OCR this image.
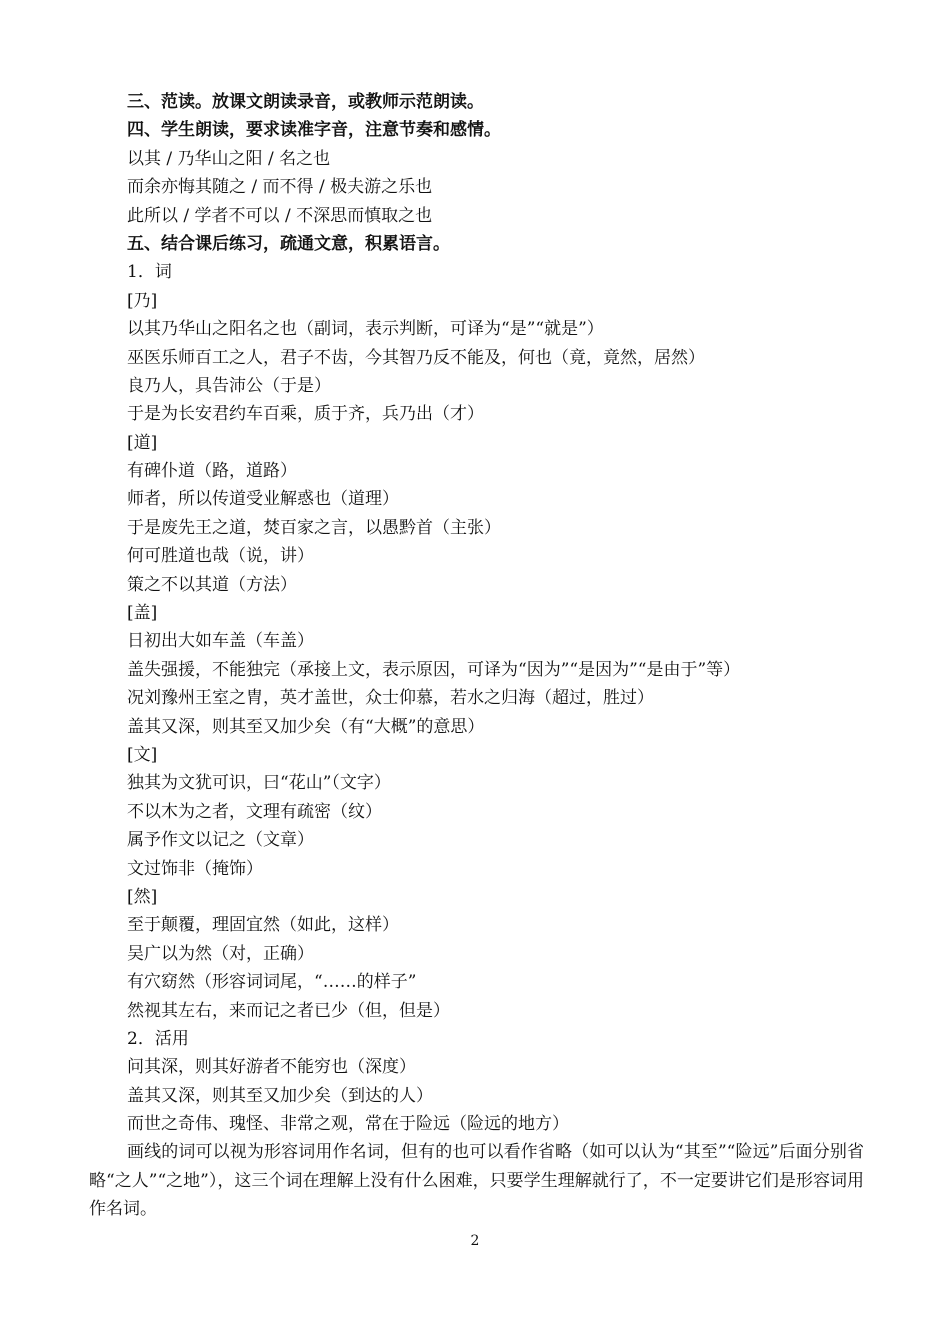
三、范读。放课文朗读录音，或教师示范朗读。
四、学生朗读，要求读准字音，注意节奏和感情。
以其 / 乃华山之阳 / 名之也
而余亦悔其随之 / 而不得 / 极夫游之乐也
此所以 / 学者不可以 / 不深思而慎取之也
五、结合课后练习，疏通文意，积累语言。
1．词
[乃]
以其乃华山之阳名之也（副词，表示判断，可译为“是”“就是”）
巫医乐师百工之人，君子不齿，今其智乃反不能及，何也（竟，竟然，居然）
良乃人，具告沛公（于是）
于是为长安君约车百乘，质于齐，兵乃出（才）
[道]
有碑仆道（路，道路）
师者，所以传道受业解惑也（道理）
于是废先王之道，焚百家之言，以愚黔首（主张）
何可胜道也哉（说，讲）
策之不以其道（方法）
[盖]
日初出大如车盖（车盖）
盖失强援，不能独完（承接上文，表示原因，可译为“因为”“是因为”“是由于”等）
况刘豫州王室之胄，英才盖世，众士仰慕，若水之归海（超过，胜过）
盖其又深，则其至又加少矣（有“大概”的意思）
[文]
独其为文犹可识，曰“花山”（文字）
不以木为之者，文理有疏密（纹）
属予作文以记之（文章）
文过饰非（掩饰）
[然]
至于颠覆，理固宜然（如此，这样）
吴广以为然（对，正确）
有穴窈然（形容词词尾，“……的样子”
然视其左右，来而记之者已少（但，但是）
2．活用
问其深，则其好游者不能穷也（深度）
盖其又深，则其至又加少矣（到达的人）
而世之奇伟、瑰怪、非常之观，常在于险远（险远的地方）
画线的词可以视为形容词用作名词，但有的也可以看作省略（如可以认为“其至”“险远”后面分别省略“之人”“之地”），这三个词在理解上没有什么困难，只要学生理解就行了，不一定要讲它们是形容词用作名词。
2
